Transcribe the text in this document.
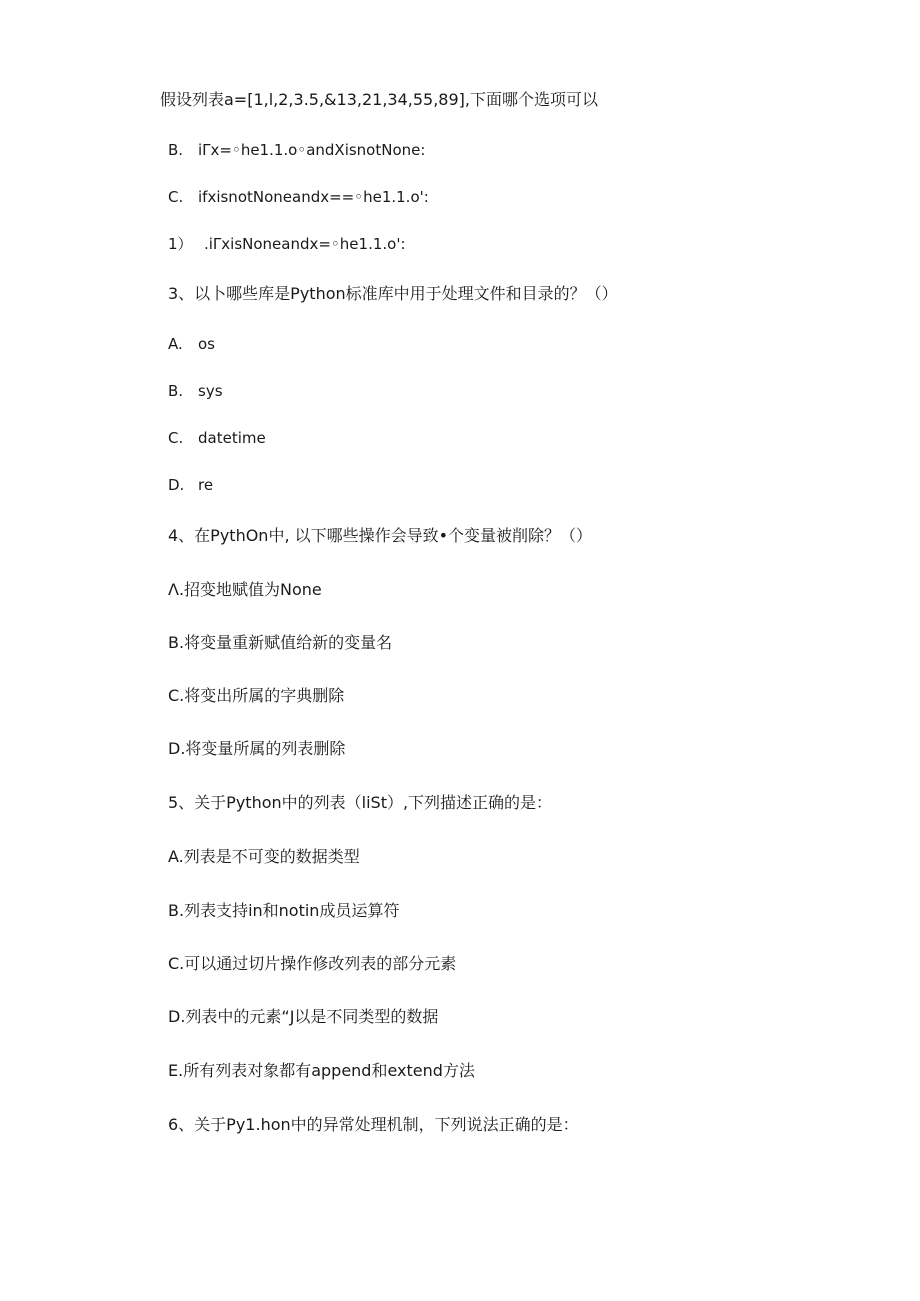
假设列表a=[1,l,2,3.5,&13,21,34,55,89],下面哪个选项可以
B. iΓx=◦he1.1.o◦andXisnotNone:
C. ifxisnotNoneandx==◦he1.1.o':
1） .iΓxisNoneandx=◦he1.1.o':
3、以卜哪些库是Python标准库中用于处理文件和目录的？（）
A. os
B. sys
C. datetime
D. re
4、在PythOn中, 以下哪些操作会导致•个变量被削除？（）
Λ.招变地赋值为None
B.将变量重新赋值给新的变量名
C.将变出所属的字典删除
D.将变量所属的列表删除
5、关于Python中的列表（liSt）,下列描述正确的是：
A.列表是不可变的数据类型
B.列表支持in和notin成员运算符
C.可以通过切片操作修改列表的部分元素
D.列表中的元素“J以是不同类型的数据
E.所有列表对象都有append和extend方法
6、关于Py1.hon中的异常处理机制，下列说法正确的是：
